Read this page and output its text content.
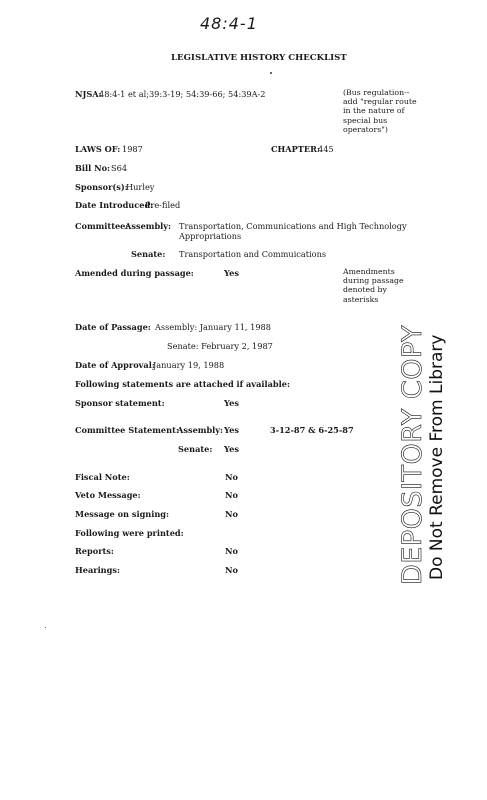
48:4-1
LEGISLATIVE HISTORY CHECKLIST
NJSA:
48:4-1 et al;39:3-19; 54:39-66; 54:39A-2	(Bus regulation--
add "regular route
in the nature of
special bus
operators")
LAWS OF: 1987	CHAPTER:
445
Bill No: S64
Sponsor(s):
Hurley
Date Introduced:
Pre-filed
Committee:
Assembly: Transportation, Communications and High Technology
Appropriations
Senate: Transportation and Commuications
Amended during passage:	Yes	Amendments
during passage
denoted by
asterisks
Date of Passage: Assembly: January 11, 1988
Senate: February 2, 1987
Date of Approval:
January 19, 1988
Following statements are attached if available:
Sponsor statement:	Yes
Committee Statement:
Assembly: Yes	3-12-87 & 6-25-87
Senate: Yes
Fiscal Note:	No
Veto Message:	No
Message on signing:	No
Following were printed:
Reports:	No
Hearings:	No	DEPOSITORY COPY Do Not Remove From Library
